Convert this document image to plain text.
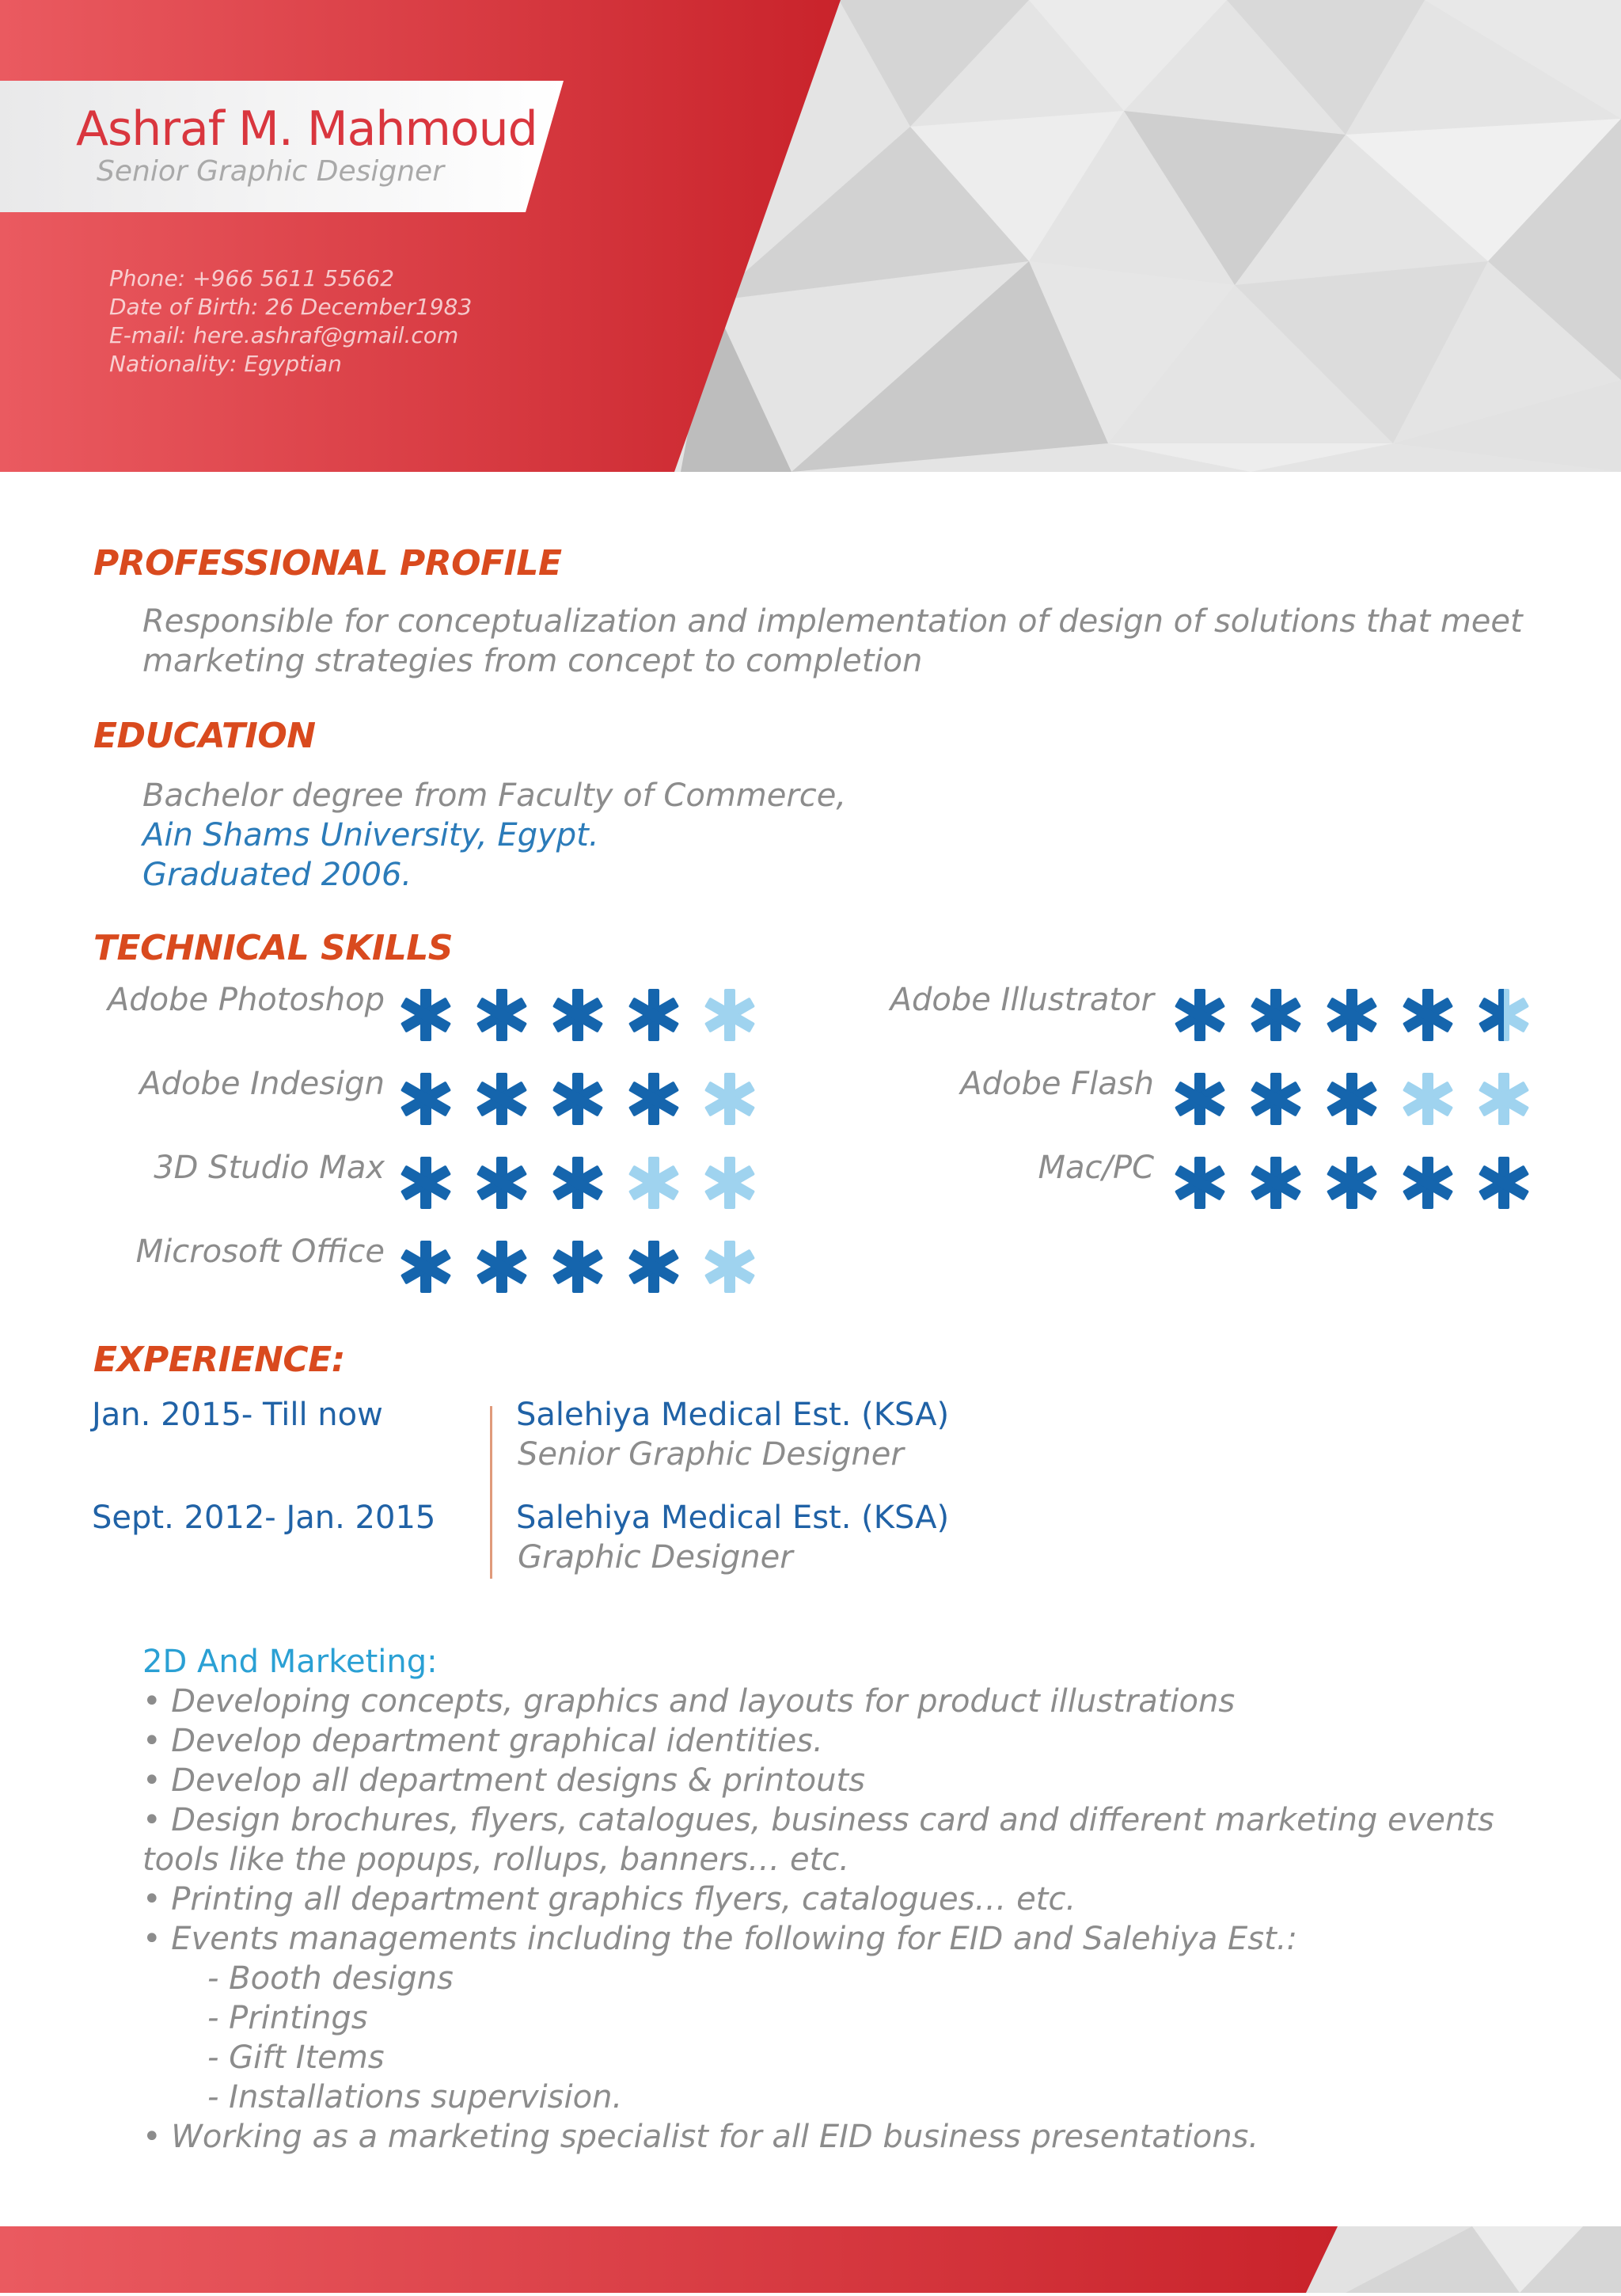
Ashraf M. Mahmoud
Senior Graphic Designer
Phone: +966 5611 55662
Date of Birth: 26 December1983
E-mail: here.ashraf@gmail.com
Nationality: Egyptian
PROFESSIONAL PROFILE
Responsible for conceptualization and implementation of design of solutions that meet
marketing strategies from concept to completion
EDUCATION
Bachelor degree from Faculty of Commerce,
Ain Shams University, Egypt.
Graduated 2006.
TECHNICAL SKILLS
EXPERIENCE:
Jan. 2015- Till now	Salehiya Medical Est. (KSA)
Senior Graphic Designer
Sept. 2012- Jan. 2015	Salehiya Medical Est. (KSA)
Graphic Designer
2D And Marketing:
• Developing concepts, graphics and layouts for product illustrations
• Develop department graphical identities.
• Develop all department designs & printouts
• Design brochures, flyers, catalogues, business card and different marketing events
tools like the popups, rollups, banners… etc.
• Printing all department graphics flyers, catalogues… etc.
• Events managements including the following for EID and Salehiya Est.:
- Booth designs
- Printings
- Gift Items
- Installations supervision.
• Working as a marketing specialist for all EID business presentations.
Adobe Photoshop
Adobe Indesign
3D Studio Max
Microsoft Office
Adobe Illustrator
Adobe Flash
Mac/PC
